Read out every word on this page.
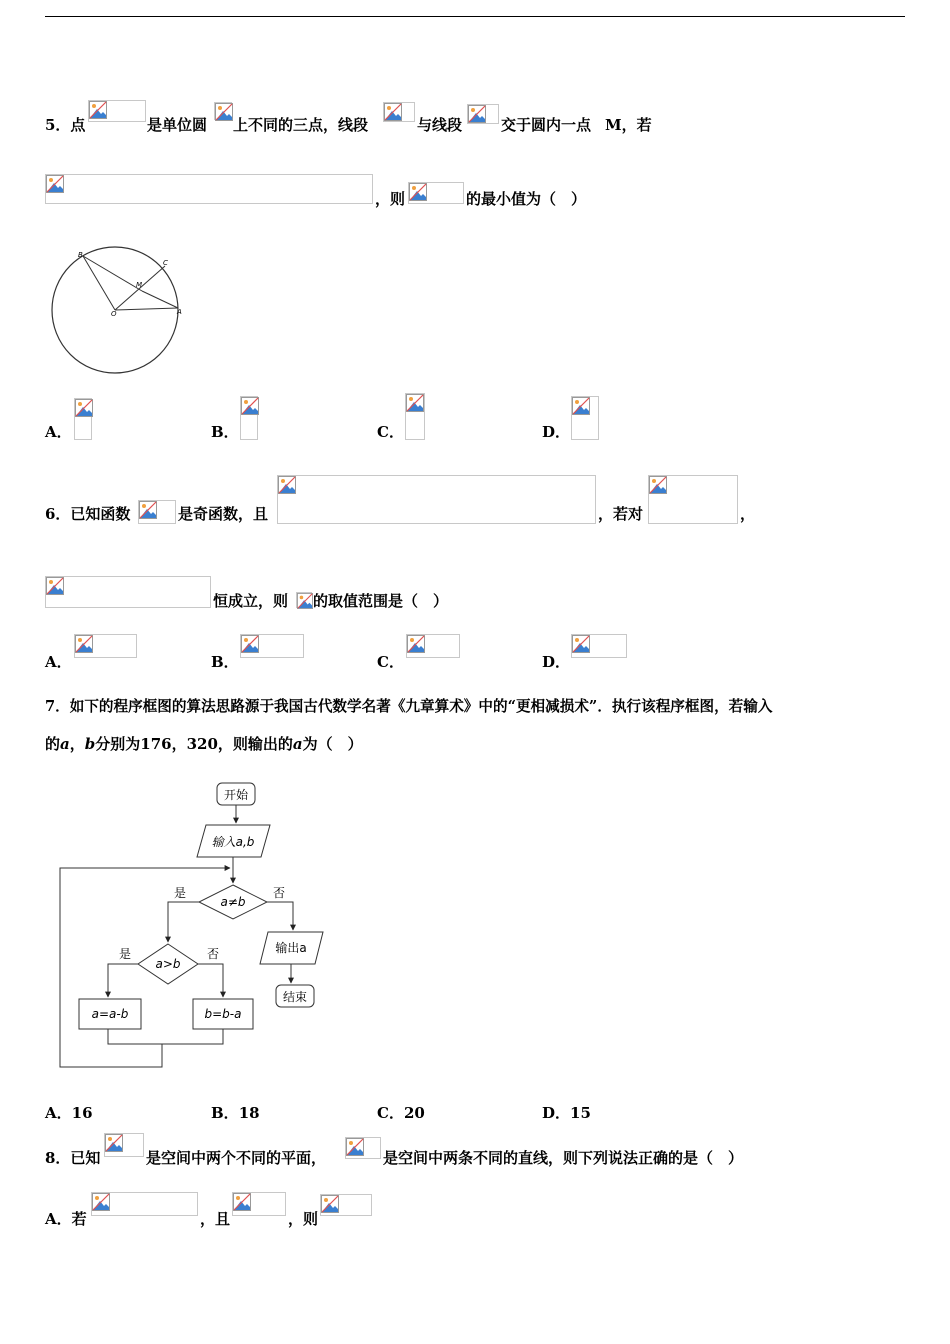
5．点	是单位圆 上不同的三点，线段	与线段	交于圆内一点 M，若
，则	的最小值为（　）
B
C
M
O	A
A．	B．	C．	D．
6．已知函数	是奇函数，且	，若对	，
恒成立，则 的取值范围是（　）
A．	B．	C．	D．
7．如下的程序框图的算法思路源于我国古代数学名著《九章算术》中的“更相减损术”．执行该程序框图，若输入
的a，b分别为176，320，则输出的a为（　）
开始
输入a,b
a≠b
是	否
输出a
结束
a>b
是	否
a=a-b	b=b-a
A．16	B．18	C．20	D．15
8．已知	是空间中两个不同的平面，	是空间中两条不同的直线，则下列说法正确的是（　）
A．若	，且	，则
